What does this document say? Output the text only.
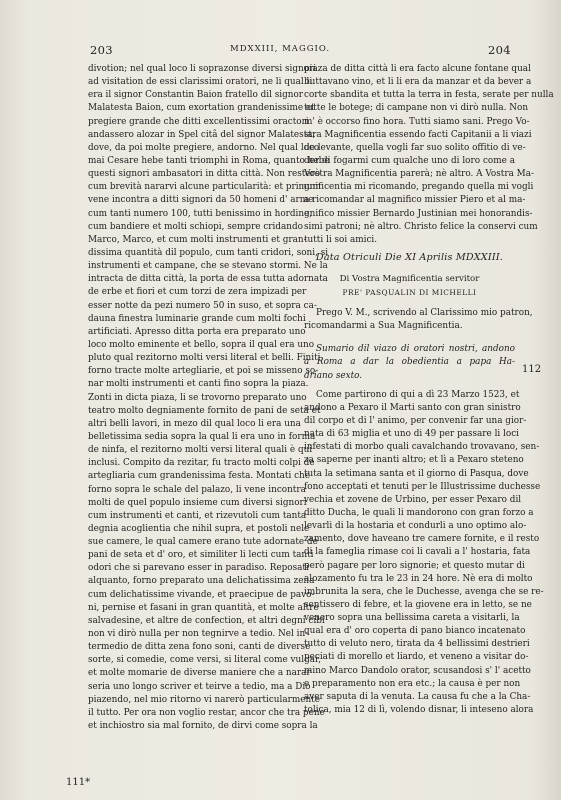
203	MDXXIII, MAGGIO.	204
divotion; nel qual loco li soprazonse diversi signori
ad visitation de essi clarissimi oratori, ne li qual li
era il signor Constantin Baion fratello dil signor
Malatesta Baion, cum exortation grandenissime et
pregiere grande che ditti excellentissimi oractori
andassero alozar in Spel citâ del signor Malatesta;
dove, da poi molte pregiere, andorno. Nel qual loco
mai Cesare hebe tanti triomphi in Roma, quanto hebe
questi signori ambasatori in ditta città. Non resterò
cum brevità nararvi alcune particularità: et primum
vene incontra a ditti signori da 50 homeni d' arme
cum tanti numero 100, tutti benissimo in hordine,
cum bandiere et molti schiopi, sempre cridando
Marco, Marco, et cum molti instrumenti et gran-
dissima quantità dil populo, cum tanti cridori, soni, si
instrumenti et campane, che se stevano stormi. Ne la
intracta de ditta città, la porta de essa tutta adornata
de erbe et fiori et cum torzi de zera impizadi per
esser notte da pezi numero 50 in suso, et sopra ca-
dauna finestra luminarie grande cum molti fochi
artificiati. Apresso ditta porta era preparato uno
loco molto eminente et bello, sopra il qual era uno
pluto qual rezitorno molti versi literal et belli. Finiti,
forno tracte molte artegliarie, et poi se missenо so-
nar molti instrumenti et canti fino sopra la piaza.
Zonti in dicta piaza, li se trovorno preparato uno
teatro molto degniamente fornito de pani de seta et
altri belli lavori, in mezo dil qual loco li era una
belletissima sedia sopra la qual li era uno in forma
de ninfa, el rezitorno molti versi literal quali è qui
inclusi. Compito da rezitar, fu tracto molti colpi de
artegliaria cum grandenissima festa. Montati che
forno sopra le schale del palazo, li vene incontra
molti de quel populo insieme cum diversi signori
cum instrumenti et canti, et rizevutoli cum tanta
degnia acoglientia che nihil supra, et postoli nele
sue camere, le qual camere erano tute adornate de
pani de seta et d' oro, et similiter li lecti cum tanti
odori che si parevano esser in paradiso. Reposati
alquanto, forno preparato una delichatissima zena
cum delichatissime vivande, et praecipue de pavo-
ni, pernise et fasani in gran quantità, et molte altre
salvadesine, et altre de confection, et altri degni cibi
non vi dirò nulla per non tegnirve a tedio. Nel in-
termedio de ditta zena fono soni, canti de diverse
sorte, si comedie, come versi, si literal come vulgar,
et molte momarie de diverse maniere che a narar
seria uno longo scriver et teirve a tedio, ma a Dio
piazendo, nel mio ritorno vi narerò particularmente
il tutto. Per ora non voglio restar, ancor che tra pene
et inchiostro sia mal fornito, de dirvi come sopra la
piaza de ditta città li era facto alcune fontane qual
buttavano vino, et li li era da manzar et da bever a
corte sbandita et tutta la terra in festa, serate per nulla
tutte le botege; di campane non vi dirò nulla. Non
m' è occorso fino hora. Tutti siamo sani. Prego Vo-
stra Magnificentia essendo facti Capitanii a li viazi
de levante, quella vogli far suo solito offitio di ve-
der di fogarmi cum qualche uno di loro come a
Vostra Magnificentia parerà; nè altro. A Vostra Ma-
gnificentia mi ricomando, pregando quella mi vogli
a ricomandar al magnifico missier Piero et al ma-
gnifico missier Bernardo Justinian mei honorandis-
simi patroni; nè altro. Christo felice la conservi cum
tutti li soi amici.
Data Otriculi Die XI Aprilis MDXXIII.
Di Vostra Magnificentia servitor
PRE' PASQUALIN DI MICHELLI
Prego V. M., scrivendo al Clarissimo mio patron,
ricomandarmi a Sua Magnificentia.
Sumario dil viazo di oratori nostri, andono
a Roma a dar la obedientia a papa Ha-
driano sexto.
Come partirono di qui a dì 23 Marzo 1523, et
andono a Pexaro il Marti santo con gran sinistro
dil corpo et di l' animo, per convenir far una gior-
nata di 63 miglia et uno di 49 per passare li loci
infestati di morbo quali cavalchando trovavano, sen-
za saperne per inanti altro; et lì a Pexaro steteno
tuta la setimana santa et il giorno di Pasqua, dove
fono acceptati et tenuti per le Illustrissime duchesse
vechia et zovene de Urbino, per esser Pexaro dil
ditto Ducha, le quali li mandorono con gran forzo a
levarli di la hostaria et condurli a uno optimo alo-
zamento, dove haveano tre camere fornite, e il resto
di la fameglia rimase coi li cavali a l' hostaria, fata
però pagare per loro signorie; et questo mutar di
alozamento fu tra le 23 in 24 hore. Nè era di molto
imbrunita la sera, che le Duchesse, avenga che se re-
sentissero di febre, et la giovene era in letto, se ne
venero sopra una bellissima careta a visitarli, la
qual era d' oro coperta di pano bianco incatenato
tutto di veluto nero, tirata da 4 bellissimi destrieri
peciati di morello et liardo, et veneno a visitar do-
mino Marco Dandolo orator, scusandosi s' l' acetto
e preparamento non era etc.; la causa è per non
aver saputa di la venuta. La causa fu che a la Cha-
tolica, mia 12 di lì, volendo disnar, li inteseno alora
111*
112
